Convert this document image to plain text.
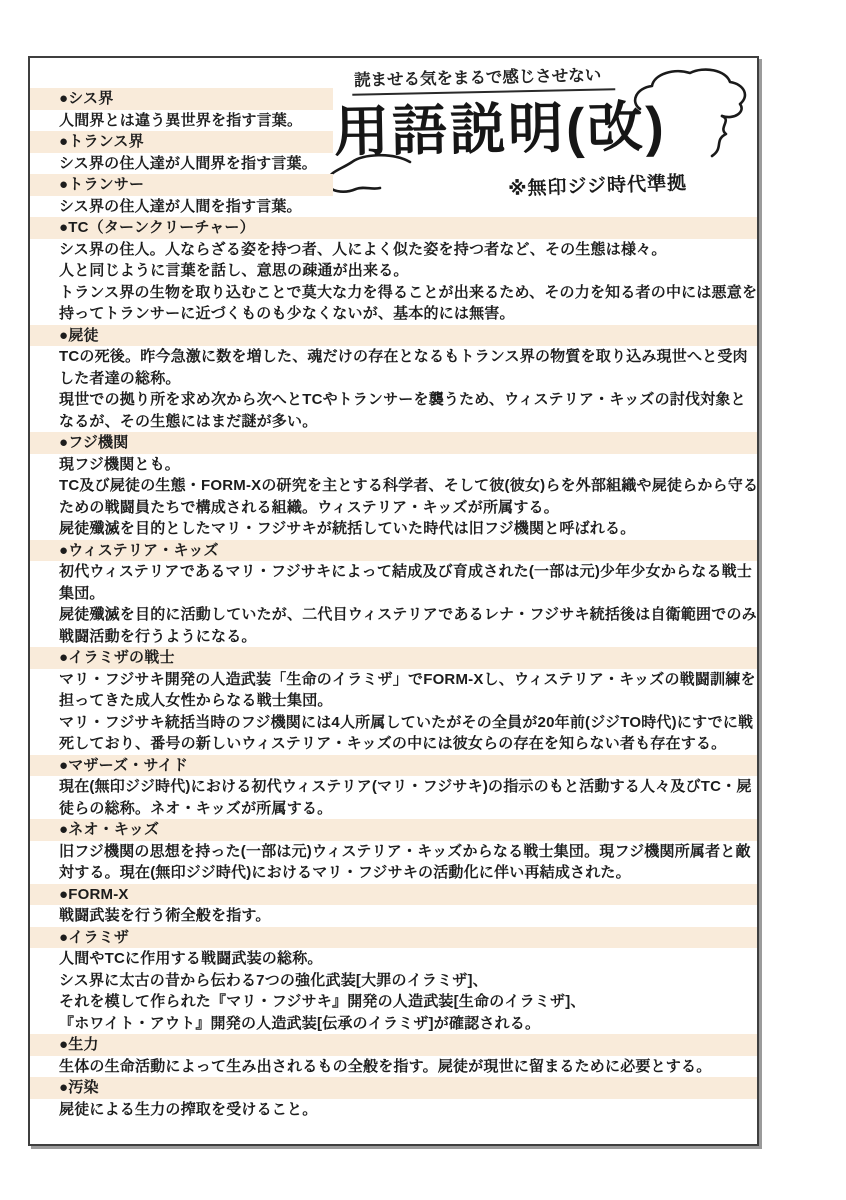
読ませる気をまるで感じさせない
用語説明(改)
※無印ジジ時代準拠
●シス界
人間界とは違う異世界を指す言葉。
●トランス界
シス界の住人達が人間界を指す言葉。
●トランサー
シス界の住人達が人間を指す言葉。
●TC（ターンクリーチャー）
シス界の住人。人ならざる姿を持つ者、人によく似た姿を持つ者など、その生態は様々。
人と同じように言葉を話し、意思の疎通が出来る。
トランス界の生物を取り込むことで莫大な力を得ることが出来るため、その力を知る者の中には悪意を
持ってトランサーに近づくものも少なくないが、基本的には無害。
●屍徒
TCの死後。昨今急激に数を増した、魂だけの存在となるもトランス界の物質を取り込み現世へと受肉
した者達の総称。
現世での拠り所を求め次から次へとTCやトランサーを襲うため、ウィステリア・キッズの討伐対象と
なるが、その生態にはまだ謎が多い。
●フジ機関
現フジ機関とも。
TC及び屍徒の生態・FORM-Xの研究を主とする科学者、そして彼(彼女)らを外部組織や屍徒らから守る
ための戦闘員たちで構成される組織。ウィステリア・キッズが所属する。
屍徒殲滅を目的としたマリ・フジサキが統括していた時代は旧フジ機関と呼ばれる。
●ウィステリア・キッズ
初代ウィステリアであるマリ・フジサキによって結成及び育成された(一部は元)少年少女からなる戦士
集団。
屍徒殲滅を目的に活動していたが、二代目ウィステリアであるレナ・フジサキ統括後は自衛範囲でのみ
戦闘活動を行うようになる。
●イラミザの戦士
マリ・フジサキ開発の人造武装「生命のイラミザ」でFORM-Xし、ウィステリア・キッズの戦闘訓練を
担ってきた成人女性からなる戦士集団。
マリ・フジサキ統括当時のフジ機関には4人所属していたがその全員が20年前(ジジTO時代)にすでに戦
死しており、番号の新しいウィステリア・キッズの中には彼女らの存在を知らない者も存在する。
●マザーズ・サイド
現在(無印ジジ時代)における初代ウィステリア(マリ・フジサキ)の指示のもと活動する人々及びTC・屍
徒らの総称。ネオ・キッズが所属する。
●ネオ・キッズ
旧フジ機関の思想を持った(一部は元)ウィステリア・キッズからなる戦士集団。現フジ機関所属者と敵
対する。現在(無印ジジ時代)におけるマリ・フジサキの活動化に伴い再結成された。
●FORM-X
戦闘武装を行う術全般を指す。
●イラミザ
人間やTCに作用する戦闘武装の総称。
シス界に太古の昔から伝わる7つの強化武装[大罪のイラミザ]、
それを模して作られた『マリ・フジサキ』開発の人造武装[生命のイラミザ]、
『ホワイト・アウト』開発の人造武装[伝承のイラミザ]が確認される。
●生力
生体の生命活動によって生み出されるもの全般を指す。屍徒が現世に留まるために必要とする。
●汚染
屍徒による生力の搾取を受けること。
